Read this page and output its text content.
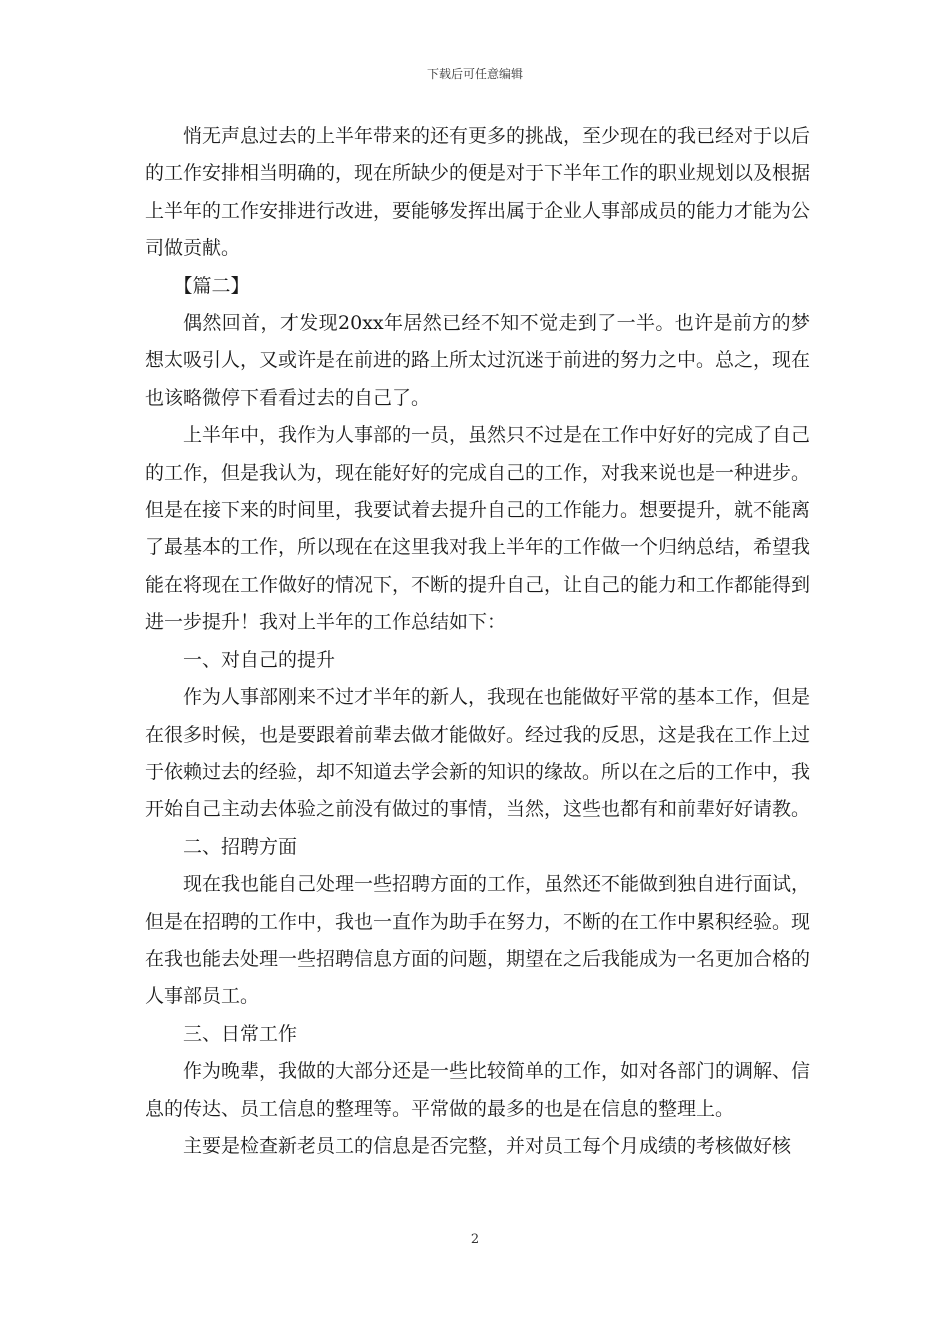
下载后可任意编辑

悄无声息过去的上半年带来的还有更多的挑战，至少现在的我已经对于以后的工作安排相当明确的，现在所缺少的便是对于下半年工作的职业规划以及根据上半年的工作安排进行改进，要能够发挥出属于企业人事部成员的能力才能为公司做贡献。

【篇二】

偶然回首，才发现20xx年居然已经不知不觉走到了一半。也许是前方的梦想太吸引人，又或许是在前进的路上所太过沉迷于前进的努力之中。总之，现在也该略微停下看看过去的自己了。

上半年中，我作为人事部的一员，虽然只不过是在工作中好好的完成了自己的工作，但是我认为，现在能好好的完成自己的工作，对我来说也是一种进步。但是在接下来的时间里，我要试着去提升自己的工作能力。想要提升，就不能离了最基本的工作，所以现在在这里我对我上半年的工作做一个归纳总结，希望我能在将现在工作做好的情况下，不断的提升自己，让自己的能力和工作都能得到进一步提升！我对上半年的工作总结如下：

一、对自己的提升

作为人事部刚来不过才半年的新人，我现在也能做好平常的基本工作，但是在很多时候，也是要跟着前辈去做才能做好。经过我的反思，这是我在工作上过于依赖过去的经验，却不知道去学会新的知识的缘故。所以在之后的工作中，我开始自己主动去体验之前没有做过的事情，当然，这些也都有和前辈好好请教。

二、招聘方面

现在我也能自己处理一些招聘方面的工作，虽然还不能做到独自进行面试，但是在招聘的工作中，我也一直作为助手在努力，不断的在工作中累积经验。现在我也能去处理一些招聘信息方面的问题，期望在之后我能成为一名更加合格的人事部员工。

三、日常工作

作为晚辈，我做的大部分还是一些比较简单的工作，如对各部门的调解、信息的传达、员工信息的整理等。平常做的最多的也是在信息的整理上。

主要是检查新老员工的信息是否完整，并对员工每个月成绩的考核做好核

2
